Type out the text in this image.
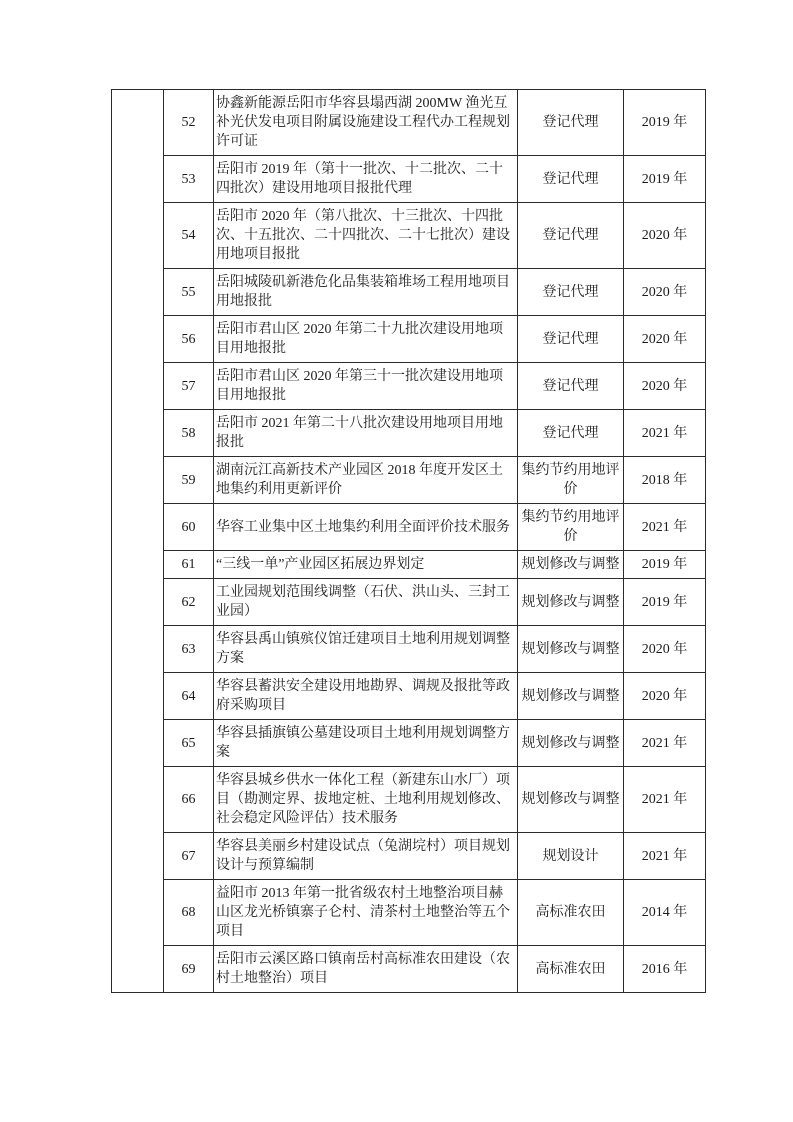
	52	协鑫新能源岳阳市华容县塌西湖 200MW 渔光互补光伏发电项目附属设施建设工程代办工程规划许可证	登记代理	2019 年
	53	岳阳市 2019 年（第十一批次、十二批次、二十四批次）建设用地项目报批代理	登记代理	2019 年
	54	岳阳市 2020 年（第八批次、十三批次、十四批次、十五批次、二十四批次、二十七批次）建设用地项目报批	登记代理	2020 年
	55	岳阳城陵矶新港危化品集装箱堆场工程用地项目用地报批	登记代理	2020 年
	56	岳阳市君山区 2020 年第二十九批次建设用地项目用地报批	登记代理	2020 年
	57	岳阳市君山区 2020 年第三十一批次建设用地项目用地报批	登记代理	2020 年
	58	岳阳市 2021 年第二十八批次建设用地项目用地报批	登记代理	2021 年
	59	湖南沅江高新技术产业园区 2018 年度开发区土地集约利用更新评价	集约节约用地评价	2018 年
	60	华容工业集中区土地集约利用全面评价技术服务	集约节约用地评价	2021 年
	61	“三线一单”产业园区拓展边界划定	规划修改与调整	2019 年
	62	工业园规划范围线调整（石伏、洪山头、三封工业园）	规划修改与调整	2019 年
	63	华容县禹山镇殡仪馆迁建项目土地利用规划调整方案	规划修改与调整	2020 年
	64	华容县蓄洪安全建设用地勘界、调规及报批等政府采购项目	规划修改与调整	2020 年
	65	华容县插旗镇公墓建设项目土地利用规划调整方案	规划修改与调整	2021 年
	66	华容县城乡供水一体化工程（新建东山水厂）项目（勘测定界、拔地定桩、土地利用规划修改、社会稳定风险评估）技术服务	规划修改与调整	2021 年
	67	华容县美丽乡村建设试点（兔湖垸村）项目规划设计与预算编制	规划设计	2021 年
	68	益阳市 2013 年第一批省级农村土地整治项目赫山区龙光桥镇寨子仑村、清茶村土地整治等五个项目	高标准农田	2014 年
	69	岳阳市云溪区路口镇南岳村高标准农田建设（农村土地整治）项目	高标准农田	2016 年
